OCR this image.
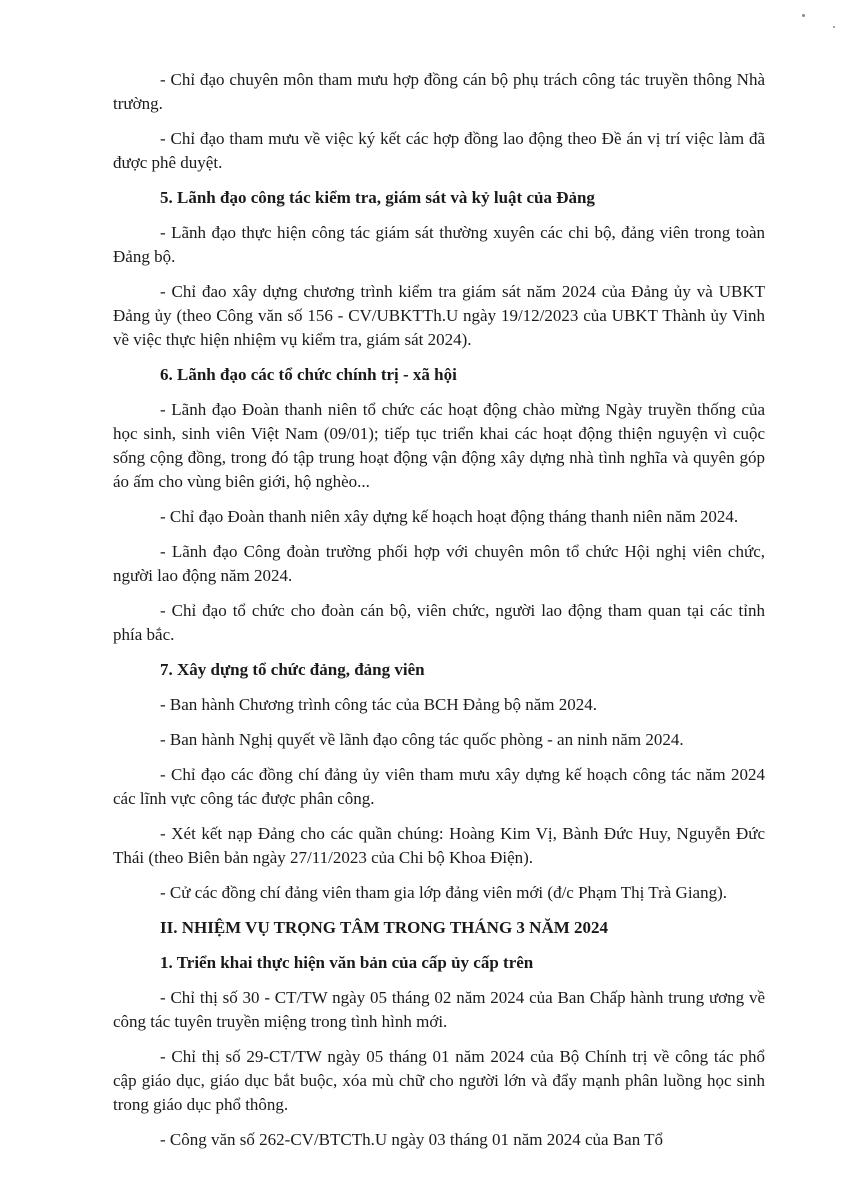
- Chỉ đạo chuyên môn tham mưu hợp đồng cán bộ phụ trách công tác truyền thông Nhà trường.

- Chỉ đạo tham mưu về việc ký kết các hợp đồng lao động theo Đề án vị trí việc làm đã được phê duyệt.

5. Lãnh đạo công tác kiểm tra, giám sát và kỷ luật của Đảng

- Lãnh đạo thực hiện công tác giám sát thường xuyên các chi bộ, đảng viên trong toàn Đảng bộ.

- Chỉ đao xây dựng chương trình kiểm tra giám sát năm 2024 của Đảng ủy và UBKT Đảng ủy (theo Công văn số 156 - CV/UBKTTh.U ngày 19/12/2023 của UBKT Thành ủy Vinh về việc thực hiện nhiệm vụ kiểm tra, giám sát 2024).

6. Lãnh đạo các tổ chức chính trị - xã hội

- Lãnh đạo Đoàn thanh niên tổ chức các hoạt động chào mừng Ngày truyền thống của học sinh, sinh viên Việt Nam (09/01); tiếp tục triển khai các hoạt động thiện nguyện vì cuộc sống cộng đồng, trong đó tập trung hoạt động vận động xây dựng nhà tình nghĩa và quyên góp áo ấm cho vùng biên giới, hộ nghèo...

- Chỉ đạo Đoàn thanh niên xây dựng kế hoạch hoạt động tháng thanh niên năm 2024.

- Lãnh đạo Công đoàn trường phối hợp với chuyên môn tổ chức Hội nghị viên chức, người lao động năm 2024.

- Chỉ đạo tổ chức cho đoàn cán bộ, viên chức, người lao động tham quan tại các tỉnh phía bắc.

7. Xây dựng tổ chức đảng, đảng viên

- Ban hành Chương trình công tác của BCH Đảng bộ năm 2024.

- Ban hành Nghị quyết về lãnh đạo công tác quốc phòng - an ninh năm 2024.

- Chỉ đạo các đồng chí đảng ủy viên tham mưu xây dựng kế hoạch công tác năm 2024 các lĩnh vực công tác được phân công.

- Xét kết nạp Đảng cho các quần chúng: Hoàng Kim Vị, Bành Đức Huy, Nguyễn Đức Thái (theo Biên bản ngày 27/11/2023 của Chi bộ Khoa Điện).

- Cử các đồng chí đảng viên tham gia lớp đảng viên mới (đ/c Phạm Thị Trà Giang).

II. NHIỆM VỤ TRỌNG TÂM TRONG THÁNG 3 NĂM 2024

1. Triển khai thực hiện văn bản của cấp ủy cấp trên

- Chỉ thị số 30 - CT/TW ngày 05 tháng 02 năm 2024 của Ban Chấp hành trung ương về công tác tuyên truyền miệng trong tình hình mới.

- Chỉ thị số 29-CT/TW ngày 05 tháng 01 năm 2024 của Bộ Chính trị về công tác phổ cập giáo dục, giáo dục bắt buộc, xóa mù chữ cho người lớn và đẩy mạnh phân luồng học sinh trong giáo dục phổ thông.

- Công văn số 262-CV/BTCTh.U ngày 03 tháng 01 năm 2024 của Ban Tổ
